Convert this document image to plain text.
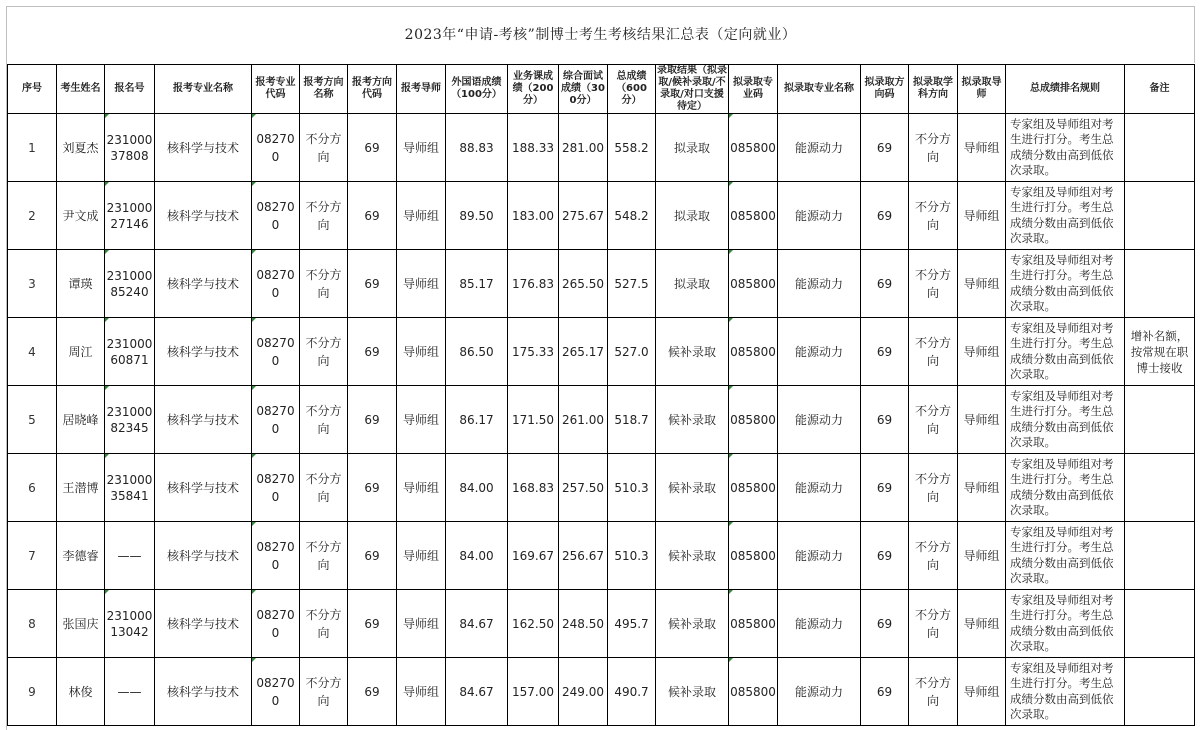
2023年“申请-考核”制博士考生考核结果汇总表（定向就业）
序号	考生姓名	报名号	报考专业名称	报考专业代码	报考方向名称	报考方向代码	报考导师	外国语成绩（100分）	业务课成绩（200分）	综合面试成绩（300分）	总成绩（600分）	录取结果（拟录取/候补录取/不录取/对口支援待定）	拟录取专业码	拟录取专业名称	拟录取方向码	拟录取学科方向	拟录取导师	总成绩排名规则	备注
1	刘夏杰	23100037808	核科学与技术	082700	不分方向	69	导师组	88.83	188.33	281.00	558.2	拟录取	085800	能源动力	69	不分方向	导师组	专家组及导师组对考生进行打分。考生总成绩分数由高到低依次录取。	
2	尹文成	23100027146	核科学与技术	082700	不分方向	69	导师组	89.50	183.00	275.67	548.2	拟录取	085800	能源动力	69	不分方向	导师组	专家组及导师组对考生进行打分。考生总成绩分数由高到低依次录取。	
3	谭瑛	23100085240	核科学与技术	082700	不分方向	69	导师组	85.17	176.83	265.50	527.5	拟录取	085800	能源动力	69	不分方向	导师组	专家组及导师组对考生进行打分。考生总成绩分数由高到低依次录取。	
4	周江	23100060871	核科学与技术	082700	不分方向	69	导师组	86.50	175.33	265.17	527.0	候补录取	085800	能源动力	69	不分方向	导师组	专家组及导师组对考生进行打分。考生总成绩分数由高到低依次录取。	增补名额，按常规在职博士接收
5	居晓峰	23100082345	核科学与技术	082700	不分方向	69	导师组	86.17	171.50	261.00	518.7	候补录取	085800	能源动力	69	不分方向	导师组	专家组及导师组对考生进行打分。考生总成绩分数由高到低依次录取。	
6	王潜博	23100035841	核科学与技术	082700	不分方向	69	导师组	84.00	168.83	257.50	510.3	候补录取	085800	能源动力	69	不分方向	导师组	专家组及导师组对考生进行打分。考生总成绩分数由高到低依次录取。	
7	李德睿	——	核科学与技术	082700	不分方向	69	导师组	84.00	169.67	256.67	510.3	候补录取	085800	能源动力	69	不分方向	导师组	专家组及导师组对考生进行打分。考生总成绩分数由高到低依次录取。	
8	张国庆	23100013042	核科学与技术	082700	不分方向	69	导师组	84.67	162.50	248.50	495.7	候补录取	085800	能源动力	69	不分方向	导师组	专家组及导师组对考生进行打分。考生总成绩分数由高到低依次录取。	
9	林俊	——	核科学与技术	082700	不分方向	69	导师组	84.67	157.00	249.00	490.7	候补录取	085800	能源动力	69	不分方向	导师组	专家组及导师组对考生进行打分。考生总成绩分数由高到低依次录取。	
